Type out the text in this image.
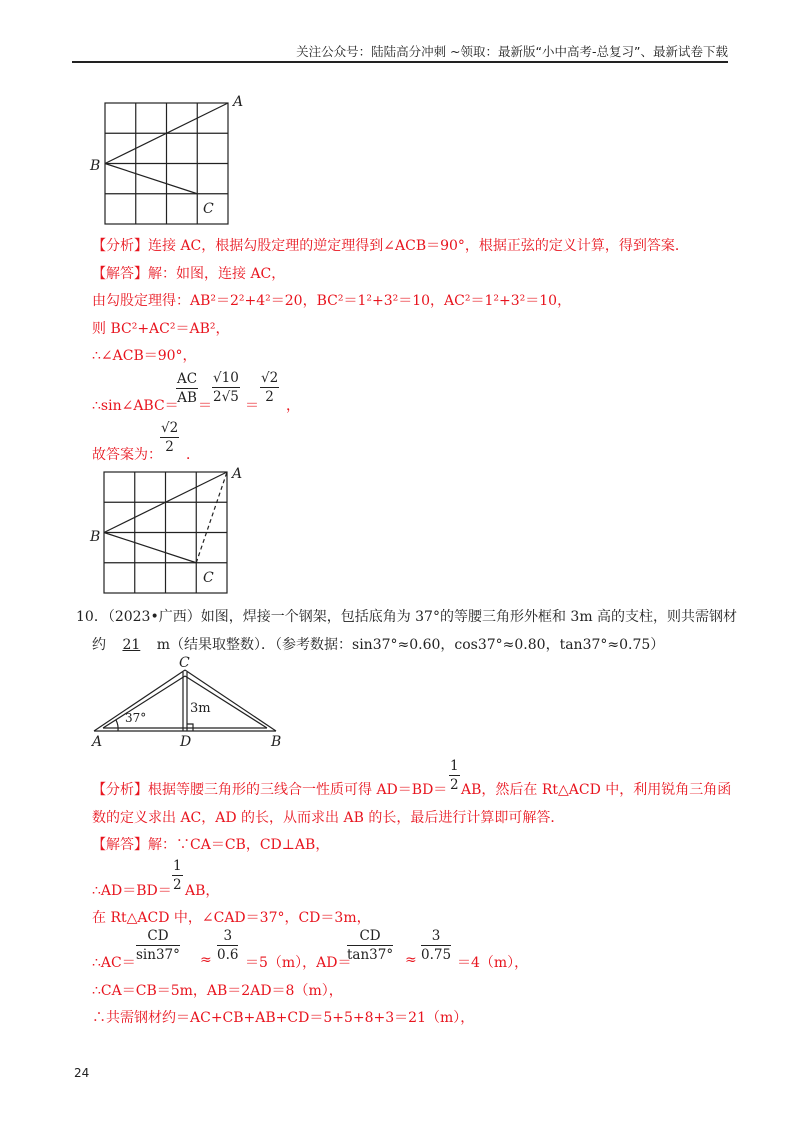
关注公众号：陆陆高分冲刺 ~领取：最新版“小中高考-总复习”、最新试卷下载
A
B
C
【分析】连接 AC，根据勾股定理的逆定理得到∠ACB＝90°，根据正弦的定义计算，得到答案．
【解答】解：如图，连接 AC，
由勾股定理得：AB²＝2²+4²＝20，BC²＝1²+3²＝10，AC²＝1²+3²＝10，
则 BC²+AC²＝AB²，
∴∠ACB＝90°，
∴sin∠ABC＝
AC
AB ＝
√10
2√5
＝
√2
2
，
故答案为：
√2
2 ．
A
B
C
10．（2023•广西）如图，焊接一个钢架，包括底角为 37°的等腰三角形外框和 3m 高的支柱，则共需钢材
约 21 m（结果取整数）．（参考数据：sin37°≈0.60，cos37°≈0.80，tan37°≈0.75）
C
A	D	B
37°
3m
【分析】根据等腰三角形的三线合一性质可得 AD＝BD＝
1
2 AB，然后在 Rt△ACD 中，利用锐角三角函
数的定义求出 AC，AD 的长，从而求出 AB 的长，最后进行计算即可解答．
【解答】解：∵CA＝CB，CD⊥AB，
∴AD＝BD＝
1
2 AB，
在 Rt△ACD 中，∠CAD＝37°，CD＝3m，
∴AC＝
CD
sin37° ≈
3
0.6 ＝5（m），AD＝
CD
tan37° ≈
3
0.75 ＝4（m），
∴CA＝CB＝5m，AB＝2AD＝8（m），
∴共需钢材约＝AC+CB+AB+CD＝5+5+8+3＝21（m），
24
